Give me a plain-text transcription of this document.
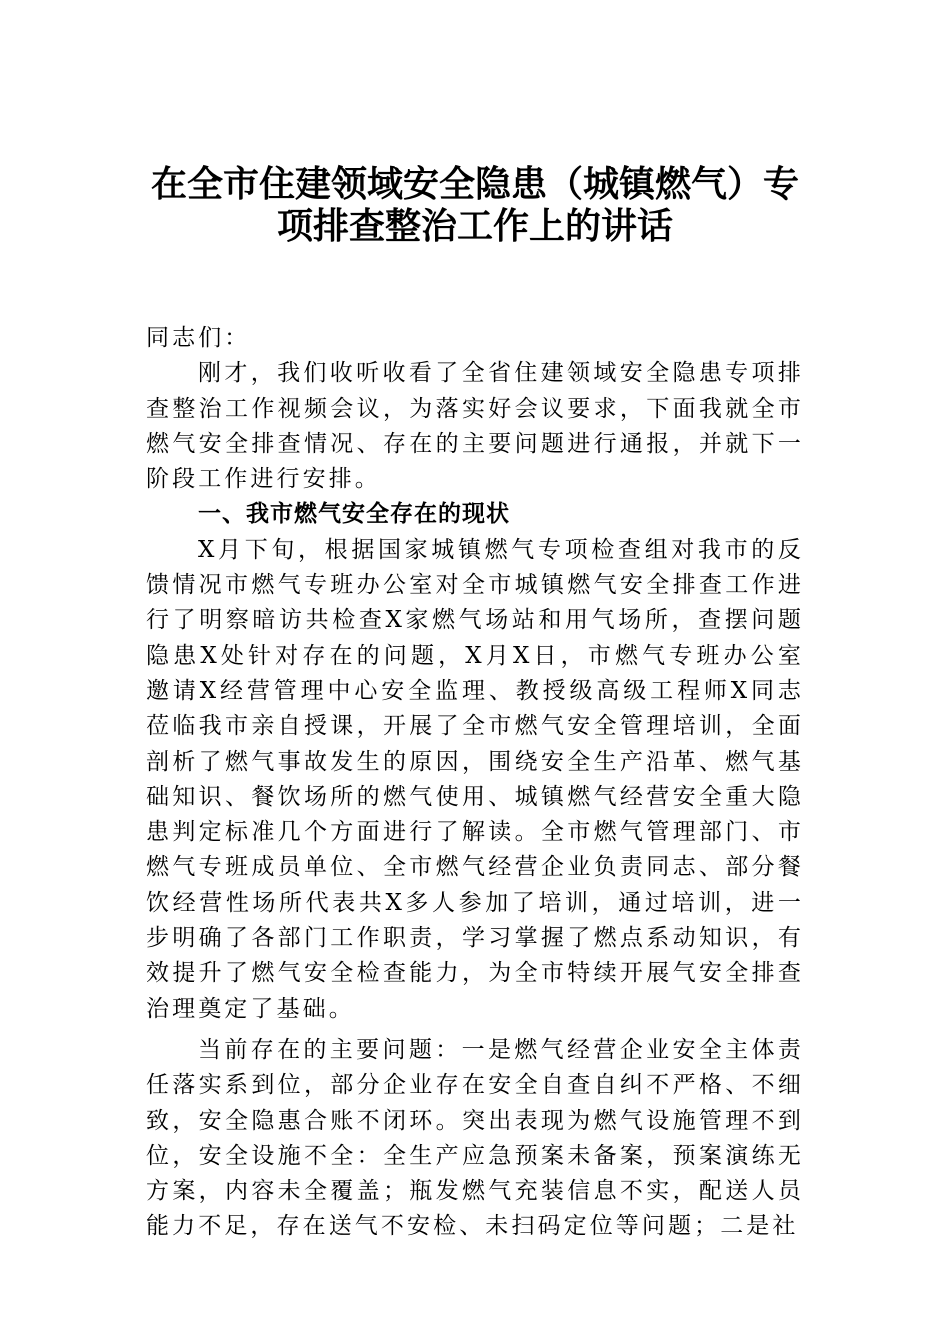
在全市住建领域安全隐患（城镇燃气）专
项排查整治工作上的讲话

同志们：

刚才，我们收听收看了全省住建领域安全隐患专项排查整治工作视频会议，为落实好会议要求，下面我就全市燃气安全排查情况、存在的主要问题进行通报，并就下一阶段工作进行安排。

一、我市燃气安全存在的现状

X月下旬，根据国家城镇燃气专项检查组对我市的反馈情况市燃气专班办公室对全市城镇燃气安全排查工作进行了明察暗访共检查X家燃气场站和用气场所，查摆问题隐患X处针对存在的问题，X月X日，市燃气专班办公室邀请X经营管理中心安全监理、教授级高级工程师X同志莅临我市亲自授课，开展了全市燃气安全管理培训，全面剖析了燃气事故发生的原因，围绕安全生产沿革、燃气基础知识、餐饮场所的燃气使用、城镇燃气经营安全重大隐患判定标准几个方面进行了解读。全市燃气管理部门、市燃气专班成员单位、全市燃气经营企业负责同志、部分餐饮经营性场所代表共X多人参加了培训，通过培训，进一步明确了各部门工作职责，学习掌握了燃点系动知识，有效提升了燃气安全检查能力，为全市特续开展气安全排查治理奠定了基础。

当前存在的主要问题：一是燃气经营企业安全主体责任落实系到位，部分企业存在安全自查自纠不严格、不细致，安全隐惠合账不闭环。突出表现为燃气设施管理不到位，安全设施不全：全生产应急预案未备案，预案演练无方案，内容未全覆盖；瓶发燃气充装信息不实，配送人员能力不足，存在送气不安检、未扫码定位等问题；二是社
